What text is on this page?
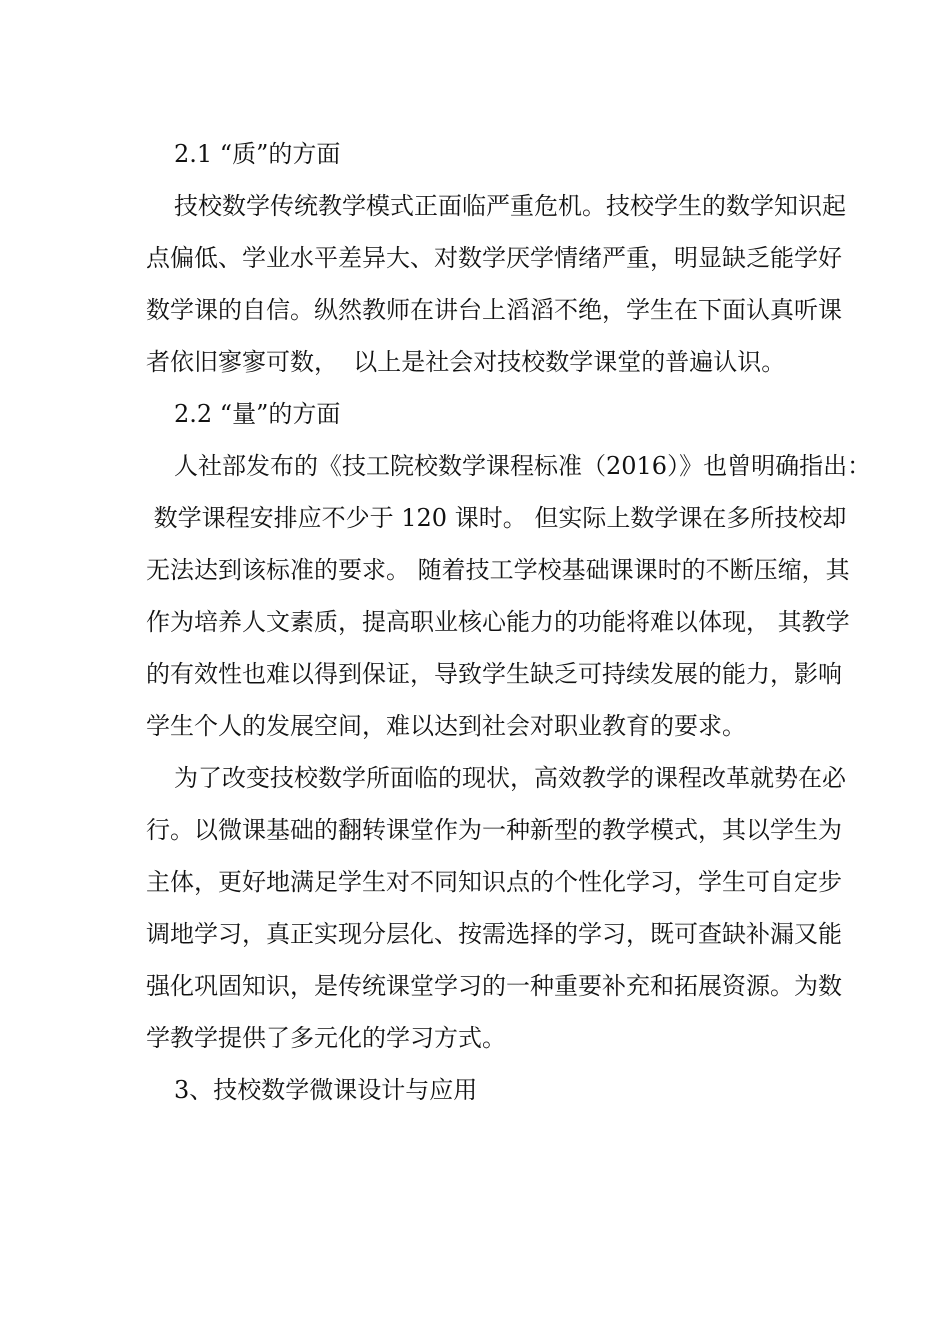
2.1 “质”的方面
技校数学传统教学模式正面临严重危机。技校学生的数学知识起
点偏低、学业水平差异大、对数学厌学情绪严重，明显缺乏能学好
数学课的自信。纵然教师在讲台上滔滔不绝，学生在下面认真听课
者依旧寥寥可数，  以上是社会对技校数学课堂的普遍认识。
2.2 “量”的方面
人社部发布的《技工院校数学课程标准（2016）》也曾明确指出：
数学课程安排应不少于 120 课时。 但实际上数学课在多所技校却
无法达到该标准的要求。 随着技工学校基础课课时的不断压缩，其
作为培养人文素质，提高职业核心能力的功能将难以体现， 其教学
的有效性也难以得到保证，导致学生缺乏可持续发展的能力，影响
学生个人的发展空间，难以达到社会对职业教育的要求。
为了改变技校数学所面临的现状，高效教学的课程改革就势在必
行。以微课基础的翻转课堂作为一种新型的教学模式，其以学生为
主体，更好地满足学生对不同知识点的个性化学习，学生可自定步
调地学习，真正实现分层化、按需选择的学习，既可查缺补漏又能
强化巩固知识，是传统课堂学习的一种重要补充和拓展资源。为数
学教学提供了多元化的学习方式。
3、技校数学微课设计与应用
